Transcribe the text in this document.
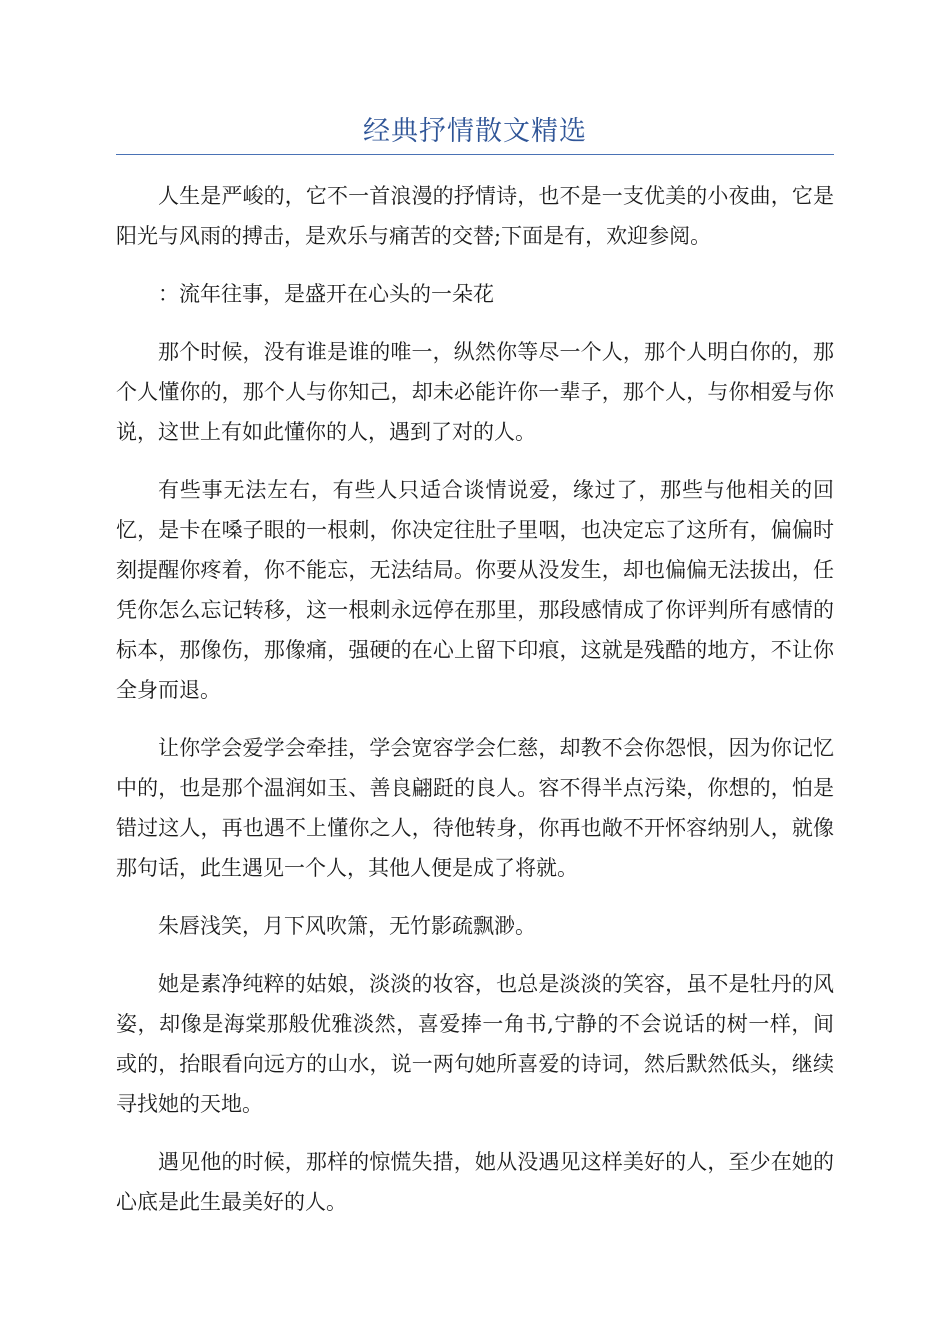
经典抒情散文精选

人生是严峻的，它不一首浪漫的抒情诗，也不是一支优美的小夜曲，它是阳光与风雨的搏击，是欢乐与痛苦的交替;下面是有，欢迎参阅。

：流年往事，是盛开在心头的一朵花

那个时候，没有谁是谁的唯一，纵然你等尽一个人，那个人明白你的，那个人懂你的，那个人与你知己，却未必能许你一辈子，那个人，与你相爱与你说，这世上有如此懂你的人，遇到了对的人。

有些事无法左右，有些人只适合谈情说爱，缘过了，那些与他相关的回忆，是卡在嗓子眼的一根刺，你决定往肚子里咽，也决定忘了这所有，偏偏时刻提醒你疼着，你不能忘，无法结局。你要从没发生，却也偏偏无法拔出，任凭你怎么忘记转移，这一根刺永远停在那里，那段感情成了你评判所有感情的标本，那像伤，那像痛，强硬的在心上留下印痕，这就是残酷的地方，不让你全身而退。

让你学会爱学会牵挂，学会宽容学会仁慈，却教不会你怨恨，因为你记忆中的，也是那个温润如玉、善良翩跹的良人。容不得半点污染，你想的，怕是错过这人，再也遇不上懂你之人，待他转身，你再也敞不开怀容纳别人，就像那句话，此生遇见一个人，其他人便是成了将就。

朱唇浅笑，月下风吹箫，无竹影疏飘渺。

她是素净纯粹的姑娘，淡淡的妆容，也总是淡淡的笑容，虽不是牡丹的风姿，却像是海棠那般优雅淡然，喜爱捧一角书,宁静的不会说话的树一样，间或的，抬眼看向远方的山水，说一两句她所喜爱的诗词，然后默然低头，继续寻找她的天地。

遇见他的时候，那样的惊慌失措，她从没遇见这样美好的人，至少在她的心底是此生最美好的人。
